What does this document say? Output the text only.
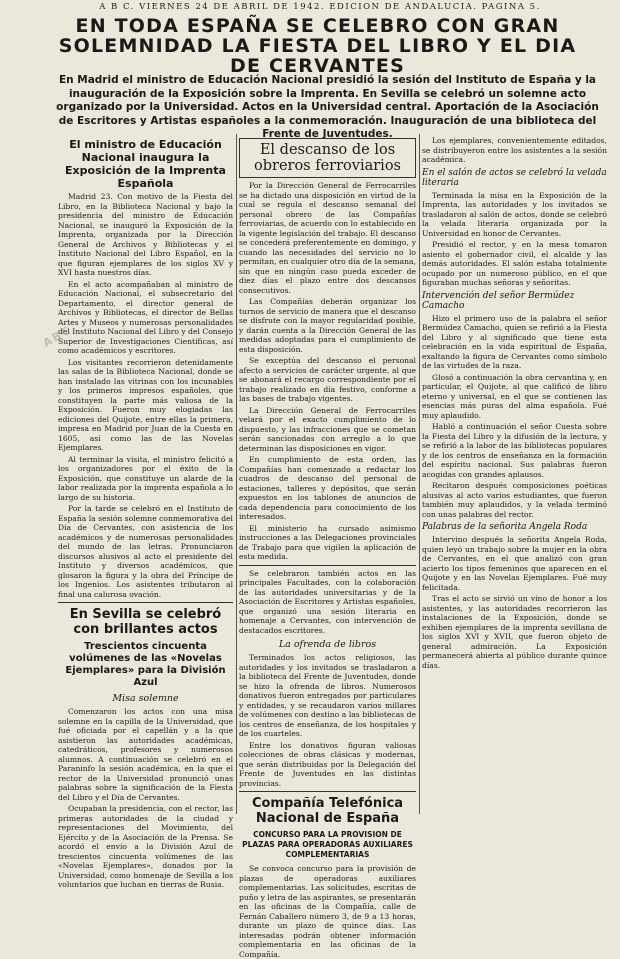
A B C. VIERNES 24 DE ABRIL DE 1942. EDICION DE ANDALUCIA. PAGINA 5.
EN TODA ESPAÑA SE CELEBRO CON GRAN SOLEMNIDAD LA FIESTA DEL LIBRO Y EL DIA DE CERVANTES
En Madrid el ministro de Educación Nacional presidió la sesión del Instituto de España y la inauguración de la Exposición sobre la Imprenta. En Sevilla se celebró un solemne acto organizado por la Universidad. Actos en la Universidad central. Aportación de la Asociación de Escritores y Artistas españoles a la conmemoración. Inauguración de una biblioteca del Frente de Juventudes.
El ministro de Educación Nacional inaugura la Exposición de la Imprenta Española

Madrid 23. Con motivo de la Fiesta del Libro, en la Biblioteca Nacional y bajo la presidencia del ministro de Educación Nacional, se inauguró la Exposición de la Imprenta, organizada por la Dirección General de Archivos y Bibliotecas y el Instituto Nacional del Libro Español, en la que figuran ejemplares de los siglos XV y XVI hasta nuestros días.

En el acto acompañaban al ministro de Educación Nacional, el subsecretario del Departamento, el director general de Archivos y Bibliotecas, el director de Bellas Artes y Museos y numerosas personalidades del Instituto Nacional del Libro y del Consejo Superior de Investigaciones Científicas, así como académicos y escritores.

Los visitantes recorrieron detenidamente las salas de la Biblioteca Nacional, donde se han instalado las vitrinas con los incunables y los primeros impresos españoles, que constituyen la parte más valiosa de la Exposición. Fueron muy elogiadas las ediciones del Quijote, entre ellas la primera, impresa en Madrid por Juan de la Cuesta en 1605, así como las de las Novelas Ejemplares.

Al terminar la visita, el ministro felicitó a los organizadores por el éxito de la Exposición, que constituye un alarde de la labor realizada por la imprenta española a lo largo de su historia.

Por la tarde se celebró en el Instituto de España la sesión solemne conmemorativa del Día de Cervantes, con asistencia de los académicos y de numerosas personalidades del mundo de las letras. Pronunciaron discursos alusivos al acto el presidente del Instituto y diversos académicos, que glosaron la figura y la obra del Príncipe de los Ingenios. Los asistentes tributaron al final una calurosa ovación.

En Sevilla se celebró con brillantes actos
Trescientos cincuenta volúmenes de las «Novelas Ejemplares» para la División Azul
Misa solemne

Comenzaron los actos con una misa solemne en la capilla de la Universidad, que fué oficiada por el capellán y a la que asistieron las autoridades académicas, catedráticos, profesores y numerosos alumnos. A continuación se celebró en el Paraninfo la sesión académica, en la que el rector de la Universidad pronunció unas palabras sobre la significación de la Fiesta del Libro y el Día de Cervantes.

Ocupaban la presidencia, con el rector, las primeras autoridades de la ciudad y representaciones del Movimiento, del Ejército y de la Asociación de la Prensa. Se acordó el envío a la División Azul de trescientos cincuenta volúmenes de las «Novelas Ejemplares», donados por la Universidad, como homenaje de Sevilla a los voluntarios que luchan en tierras de Rusia.

El descanso de los obreros ferroviarios

Por la Dirección General de Ferrocarriles se ha dictado una disposición en virtud de la cual se regula el descanso semanal del personal obrero de las Compañías ferroviarias, de acuerdo con lo establecido en la vigente legislación del trabajo. El descanso se concederá preferentemente en domingo, y cuando las necesidades del servicio no lo permitan, en cualquier otro día de la semana, sin que en ningún caso pueda exceder de diez días el plazo entre dos descansos consecutivos.

Las Compañías deberán organizar los turnos de servicio de manera que el descanso se disfrute con la mayor regularidad posible, y darán cuenta a la Dirección General de las medidas adoptadas para el cumplimiento de esta disposición.

Se exceptúa del descanso el personal afecto a servicios de carácter urgente, al que se abonará el recargo correspondiente por el trabajo realizado en día festivo, conforme a las bases de trabajo vigentes.

La Dirección General de Ferrocarriles velará por el exacto cumplimiento de lo dispuesto, y las infracciones que se cometan serán sancionadas con arreglo a lo que determinan las disposiciones en vigor.

En cumplimiento de esta orden, las Compañías han comenzado a redactar los cuadros de descanso del personal de estaciones, talleres y depósitos, que serán expuestos en los tablones de anuncios de cada dependencia para conocimiento de los interesados.

El ministerio ha cursado asimismo instrucciones a las Delegaciones provinciales de Trabajo para que vigilen la aplicación de esta medida.

Se celebraron también actos en las principales Facultades, con la colaboración de las autoridades universitarias y de la Asociación de Escritores y Artistas españoles, que organizó una sesión literaria en homenaje a Cervantes, con intervención de destacados escritores.

La ofrenda de libros

Terminados los actos religiosos, las autoridades y los invitados se trasladaron a la biblioteca del Frente de Juventudes, donde se hizo la ofrenda de libros. Numerosos donativos fueron entregados por particulares y entidades, y se recaudaron varios millares de volúmenes con destino a las bibliotecas de los centros de enseñanza, de los hospitales y de los cuarteles.

Entre los donativos figuran valiosas colecciones de obras clásicas y modernas, que serán distribuidas por la Delegación del Frente de Juventudes en las distintas provincias.

Compañía Telefónica Nacional de España
CONCURSO PARA LA PROVISION DE PLAZAS PARA OPERADORAS AUXILIARES COMPLEMENTARIAS

Se convoca concurso para la provisión de plazas de operadoras auxiliares complementarias. Las solicitudes, escritas de puño y letra de las aspirantes, se presentarán en las oficinas de la Compañía, calle de Fernán Caballero número 3, de 9 a 13 horas, durante un plazo de quince días. Las interesadas podrán obtener información complementaria en las oficinas de la Compañía.

Los ejemplares, convenientemente editados, se distribuyeron entre los asistentes a la sesión académica.

En el salón de actos se celebró la velada literaria

Terminada la misa en la Exposición de la Imprenta, las autoridades y los invitados se trasladaron al salón de actos, donde se celebró la velada literaria organizada por la Universidad en honor de Cervantes.

Presidió el rector, y en la mesa tomaron asiento el gobernador civil, el alcalde y las demás autoridades. El salón estaba totalmente ocupado por un numeroso público, en el que figuraban muchas señoras y señoritas.

Intervención del señor Bermúdez Camacho

Hizo el primero uso de la palabra el señor Bermúdez Camacho, quien se refirió a la Fiesta del Libro y al significado que tiene esta celebración en la vida espiritual de España, exaltando la figura de Cervantes como símbolo de las virtudes de la raza.

Glosó a continuación la obra cervantina y, en particular, el Quijote, al que calificó de libro eterno y universal, en el que se contienen las esencias más puras del alma española. Fué muy aplaudido.

Habló a continuación el señor Cuesta sobre la Fiesta del Libro y la difusión de la lectura, y se refirió a la labor de las bibliotecas populares y de los centros de enseñanza en la formación del espíritu nacional. Sus palabras fueron acogidas con grandes aplausos.

Recitaron después composiciones poéticas alusivas al acto varios estudiantes, que fueron también muy aplaudidos, y la velada terminó con unas palabras del rector.

Palabras de la señorita Angela Roda

Intervino después la señorita Angela Roda, quien leyó un trabajo sobre la mujer en la obra de Cervantes, en el que analizó con gran acierto los tipos femeninos que aparecen en el Quijote y en las Novelas Ejemplares. Fué muy felicitada.

Tras el acto se sirvió un vino de honor a los asistentes, y las autoridades recorrieron las instalaciones de la Exposición, donde se exhiben ejemplares de la imprenta sevillana de los siglos XVI y XVII, que fueron objeto de general admiración. La Exposición permanecerá abierta al público durante quince días.

ABC
